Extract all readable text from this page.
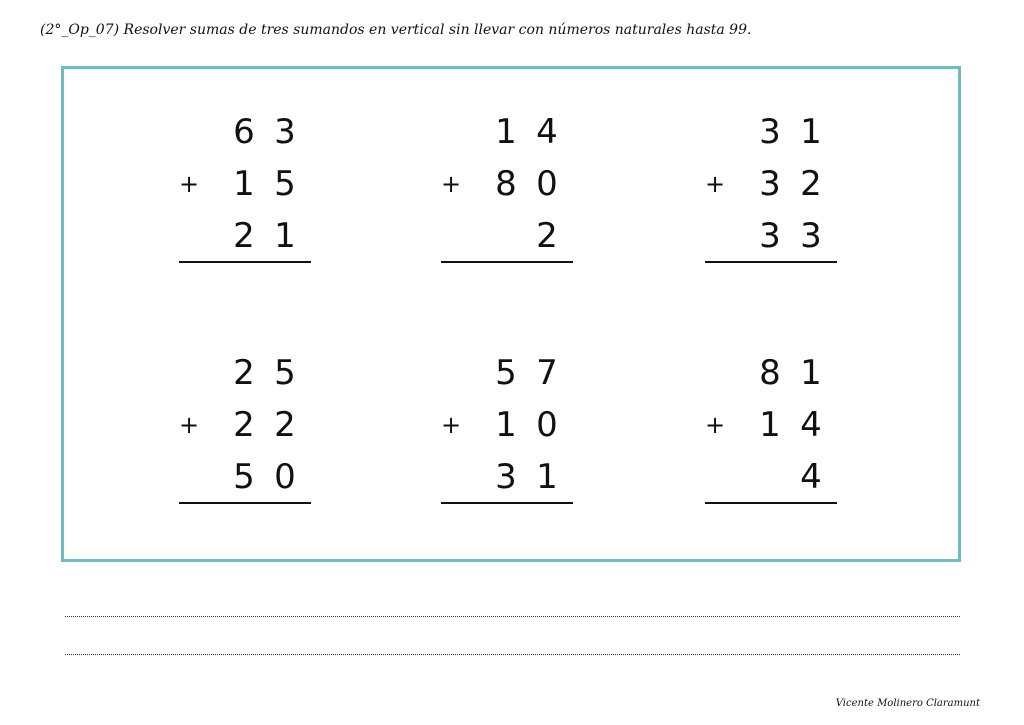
(2°_Op_07) Resolver sumas de tres sumandos en vertical sin llevar con números naturales hasta 99.
6 3
+ 1 5
2 1
1 4
+ 8 0
2
3 1
+ 3 2
3 3
2 5
+ 2 2
5 0
5 7
+ 1 0
3 1
8 1
+ 1 4
4
Vicente Molinero Claramunt
